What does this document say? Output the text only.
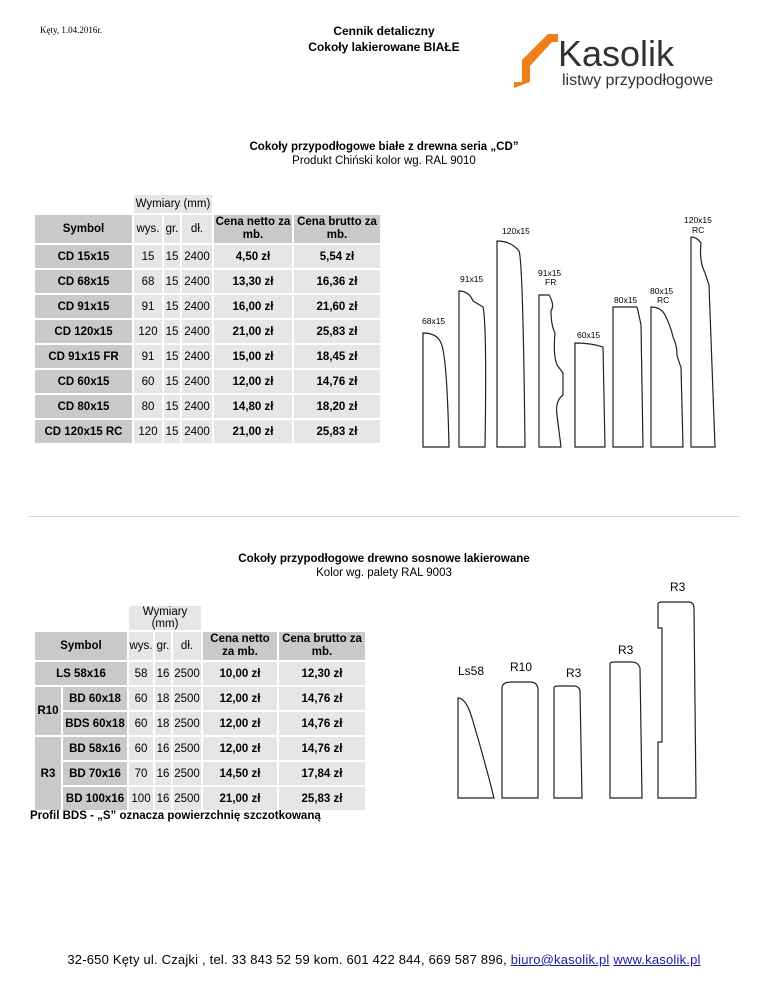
Kęty, 1.04.2016r.	Cennik detaliczny
Cokoły lakierowane BIAŁE	Kasolik
listwy przypodłogowe
Cokoły przypodłogowe białe z drewna seria „CD”
Produkt Chiński kolor wg. RAL 9010
	Wymiary (mm)				
Symbol	wys.	gr.	dł.	Cena netto za mb.	Cena brutto za mb.
CD 15x15	15	15	2400	4,50 zł	5,54 zł
CD 68x15	68	15	2400	13,30 zł	16,36 zł
CD 91x15	91	15	2400	16,00 zł	21,60 zł
CD 120x15	120	15	2400	21,00 zł	25,83 zł
CD 91x15 FR	91	15	2400	15,00 zł	18,45 zł
CD 60x15	60	15	2400	12,00 zł	14,76 zł
CD 80x15	80	15	2400	14,80 zł	18,20 zł
CD 120x15 RC	120	15	2400	21,00 zł	25,83 zł
68x15
91x15
120x15
91x15
FR
60x15
80x15
80x15
RC
120x15
RC
Cokoły przypodłogowe drewno sosnowe lakierowane
Kolor wg. palety RAL 9003
		Wymiary (mm)				
Symbol		wys.	gr.	dł.	Cena netto za mb.	Cena brutto za mb.
LS 58x16		58	16	2500	10,00 zł	12,30 zł
R10	BD 60x18	60	18	2500	12,00 zł	14,76 zł
	BDS 60x18	60	18	2500	12,00 zł	14,76 zł
R3	BD 58x16	60	16	2500	12,00 zł	14,76 zł
	BD 70x16	70	16	2500	14,50 zł	17,84 zł
	BD 100x16	100	16	2500	21,00 zł	25,83 zł
Profil BDS - „S” oznacza powierzchnię szczotkowaną
Ls58 R10	R3
R3
R3
32-650 Kęty ul. Czajki , tel. 33 843 52 59 kom. 601 422 844, 669 587 896, biuro@kasolik.pl www.kasolik.pl
